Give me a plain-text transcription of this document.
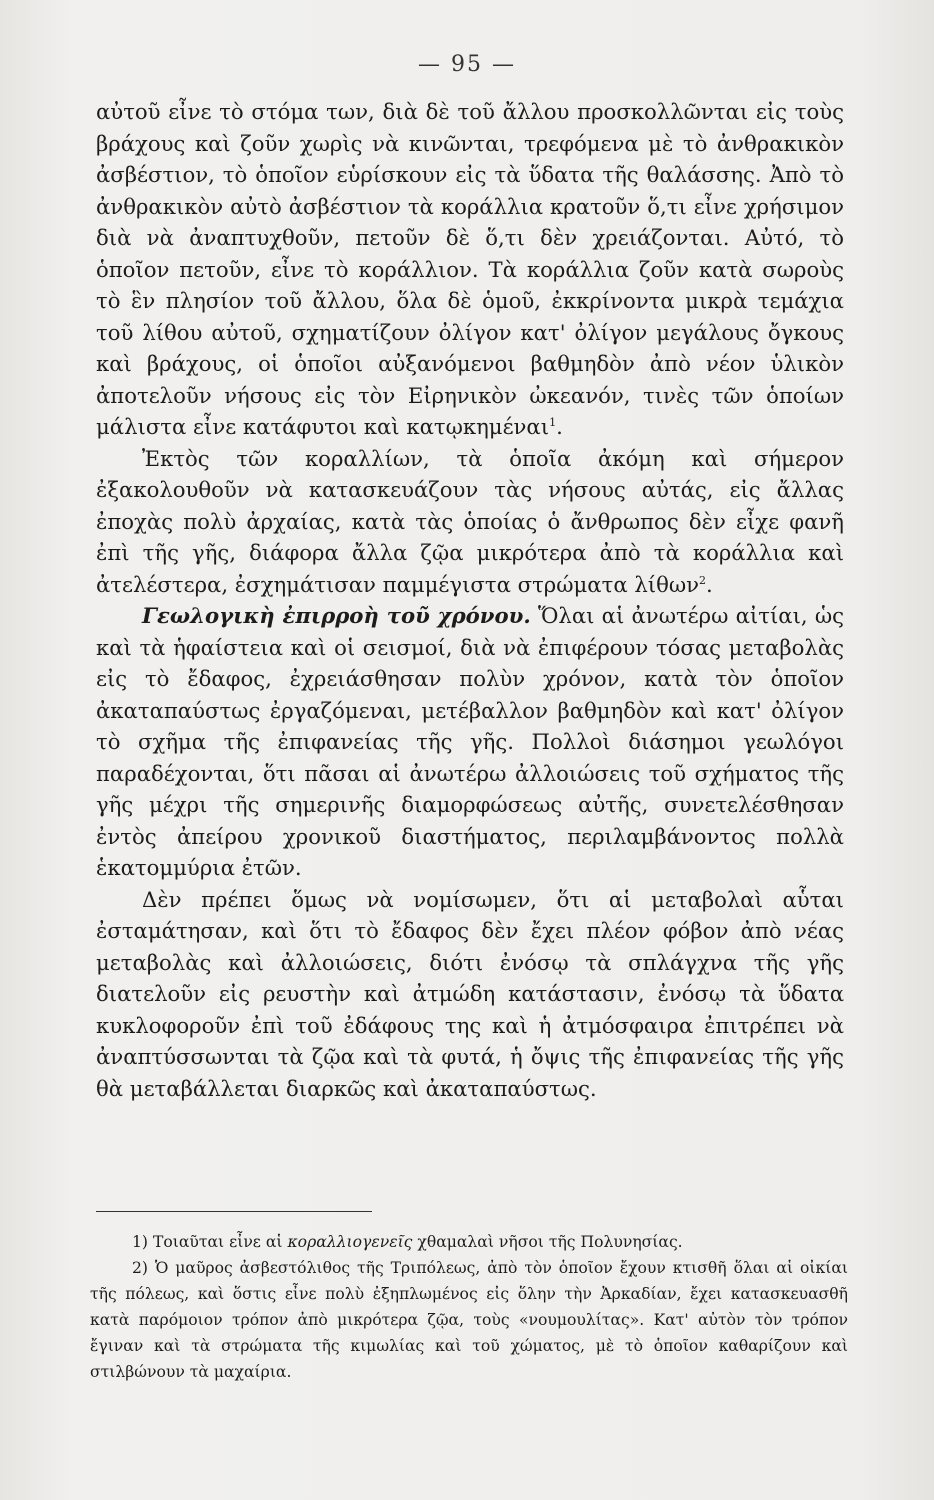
— 95 —

αὐτοῦ εἶνε τὸ στόμα των, διὰ δὲ τοῦ ἄλλου προσκολλῶνται εἰς τοὺς βράχους καὶ ζοῦν χωρὶς νὰ κινῶνται, τρεφόμενα μὲ τὸ ἀνθρακικὸν ἀσβέστιον, τὸ ὁποῖον εὑρίσκουν εἰς τὰ ὕδατα τῆς θαλάσσης. Ἀπὸ τὸ ἀνθρακικὸν αὐτὸ ἀσβέστιον τὰ κοράλλια κρατοῦν ὅ,τι εἶνε χρήσιμον διὰ νὰ ἀναπτυχθοῦν, πετοῦν δὲ ὅ,τι δὲν χρειάζονται. Αὐτό, τὸ ὁποῖον πετοῦν, εἶνε τὸ κοράλλιον. Τὰ κοράλλια ζοῦν κατὰ σωροὺς τὸ ἓν πλησίον τοῦ ἄλλου, ὅλα δὲ ὁμοῦ, ἐκκρίνοντα μικρὰ τεμάχια τοῦ λίθου αὐτοῦ, σχηματίζουν ὀλίγον κατ' ὀλίγον μεγάλους ὄγκους καὶ βράχους, οἱ ὁποῖοι αὐξανόμενοι βαθμηδὸν ἀπὸ νέον ὑλικὸν ἀποτελοῦν νήσους εἰς τὸν Εἰρηνικὸν ὠκεανόν, τινὲς τῶν ὁποίων μάλιστα εἶνε κατάφυτοι καὶ κατῳκημέναι$^1$.

Ἐκτὸς τῶν κοραλλίων, τὰ ὁποῖα ἀκόμη καὶ σήμερον ἐξακολουθοῦν νὰ κατασκευάζουν τὰς νήσους αὐτάς, εἰς ἄλλας ἐποχὰς πολὺ ἀρχαίας, κατὰ τὰς ὁποίας ὁ ἄνθρωπος δὲν εἶχε φανῆ ἐπὶ τῆς γῆς, διάφορα ἄλλα ζῷα μικρότερα ἀπὸ τὰ κοράλλια καὶ ἀτελέστερα, ἐσχημάτισαν παμμέγιστα στρώματα λίθων$^2$.

Γεωλογικὴ ἐπιρροὴ τοῦ χρόνου. Ὅλαι αἱ ἀνωτέρω αἰτίαι, ὡς καὶ τὰ ἡφαίστεια καὶ οἱ σεισμοί, διὰ νὰ ἐπιφέρουν τόσας μεταβολὰς εἰς τὸ ἔδαφος, ἐχρειάσθησαν πολὺν χρόνον, κατὰ τὸν ὁποῖον ἀκαταπαύστως ἐργαζόμεναι, μετέβαλλον βαθμηδὸν καὶ κατ' ὀλίγον τὸ σχῆμα τῆς ἐπιφανείας τῆς γῆς. Πολλοὶ διάσημοι γεωλόγοι παραδέχονται, ὅτι πᾶσαι αἱ ἀνωτέρω ἀλλοιώσεις τοῦ σχήματος τῆς γῆς μέχρι τῆς σημερινῆς διαμορφώσεως αὐτῆς, συνετελέσθησαν ἐντὸς ἀπείρου χρονικοῦ διαστήματος, περιλαμβάνοντος πολλὰ ἑκατομμύρια ἐτῶν.

Δὲν πρέπει ὅμως νὰ νομίσωμεν, ὅτι αἱ μεταβολαὶ αὗται ἐσταμάτησαν, καὶ ὅτι τὸ ἔδαφος δὲν ἔχει πλέον φόβον ἀπὸ νέας μεταβολὰς καὶ ἀλλοιώσεις, διότι ἐνόσῳ τὰ σπλάγχνα τῆς γῆς διατελοῦν εἰς ρευστὴν καὶ ἀτμώδη κατάστασιν, ἐνόσῳ τὰ ὕδατα κυκλοφοροῦν ἐπὶ τοῦ ἐδάφους της καὶ ἡ ἀτμόσφαιρα ἐπιτρέπει νὰ ἀναπτύσσωνται τὰ ζῷα καὶ τὰ φυτά, ἡ ὄψις τῆς ἐπιφανείας τῆς γῆς θὰ μεταβάλλεται διαρκῶς καὶ ἀκαταπαύστως.

1) Τοιαῦται εἶνε αἱ κοραλλιογενεῖς χθαμαλαὶ νῆσοι τῆς Πολυνησίας.

2) Ὁ μαῦρος ἀσβεστόλιθος τῆς Τριπόλεως, ἀπὸ τὸν ὁποῖον ἔχουν κτισθῆ ὅλαι αἱ οἰκίαι τῆς πόλεως, καὶ ὅστις εἶνε πολὺ ἐξηπλωμένος εἰς ὅλην τὴν Ἀρκαδίαν, ἔχει κατασκευασθῆ κατὰ παρόμοιον τρόπον ἀπὸ μικρότερα ζῷα, τοὺς «νουμουλίτας». Κατ' αὐτὸν τὸν τρόπον ἔγιναν καὶ τὰ στρώματα τῆς κιμωλίας καὶ τοῦ χώματος, μὲ τὸ ὁποῖον καθαρίζουν καὶ στιλβώνουν τὰ μαχαίρια.
